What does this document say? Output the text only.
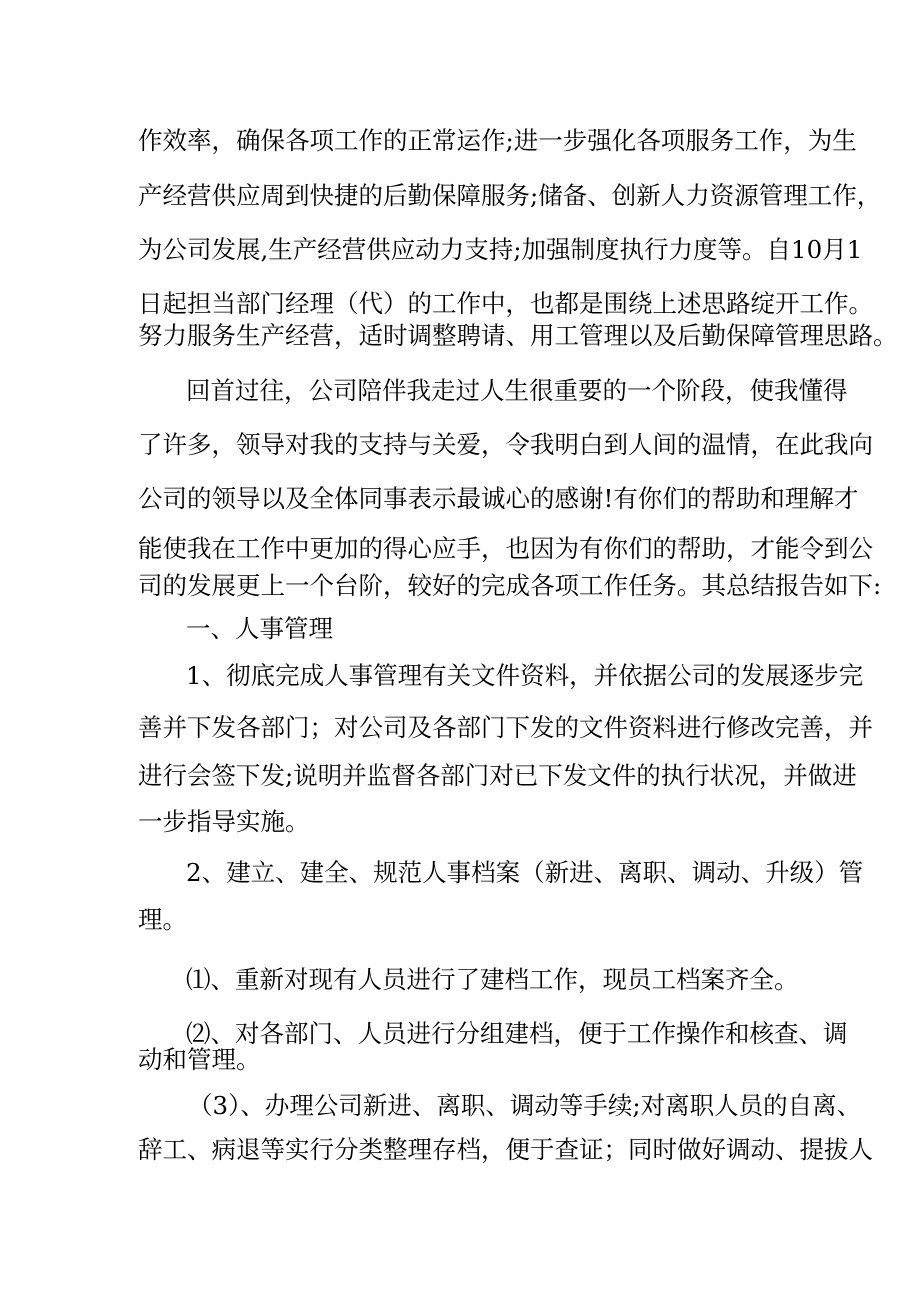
作效率，确保各项工作的正常运作;进一步强化各项服务工作，为生
产经营供应周到快捷的后勤保障服务;储备、创新人力资源管理工作，
为公司发展,生产经营供应动力支持;加强制度执行力度等。自10月1
日起担当部门经理（代）的工作中，也都是围绕上述思路绽开工作。
努力服务生产经营，适时调整聘请、用工管理以及后勤保障管理思路。
回首过往，公司陪伴我走过人生很重要的一个阶段，使我懂得
了许多，领导对我的支持与关爱，令我明白到人间的温情，在此我向
公司的领导以及全体同事表示最诚心的感谢!有你们的帮助和理解才
能使我在工作中更加的得心应手，也因为有你们的帮助，才能令到公
司的发展更上一个台阶，较好的完成各项工作任务。其总结报告如下:
一、人事管理
1、彻底完成人事管理有关文件资料，并依据公司的发展逐步完
善并下发各部门；对公司及各部门下发的文件资料进行修改完善，并
进行会签下发;说明并监督各部门对已下发文件的执行状况，并做进
一步指导实施。
2、建立、建全、规范人事档案（新进、离职、调动、升级）管
理。
⑴、重新对现有人员进行了建档工作，现员工档案齐全。
⑵、对各部门、人员进行分组建档，便于工作操作和核查、调
动和管理。
（3）、办理公司新进、离职、调动等手续;对离职人员的自离、
辞工、病退等实行分类整理存档，便于查证；同时做好调动、提拔人
